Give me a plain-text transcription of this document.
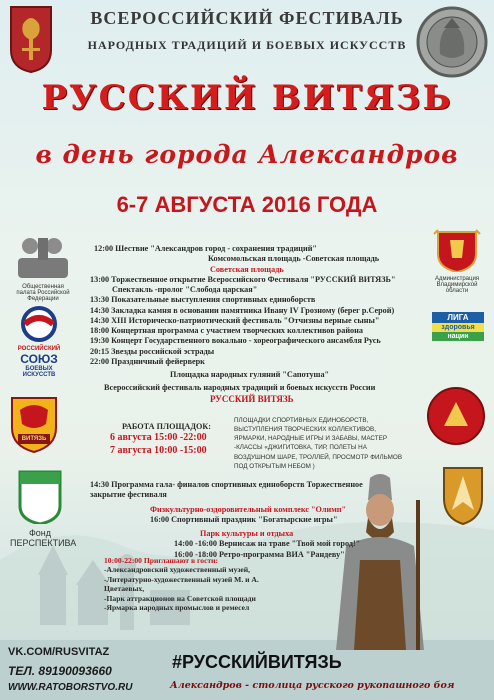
ВСЕРОССИЙСКИЙ ФЕСТИВАЛЬ
НАРОДНЫХ ТРАДИЦИЙ И БОЕВЫХ ИСКУССТВ
РУССКИЙ ВИТЯЗЬ
в день города Александров
6-7 АВГУСТА 2016 ГОДА
Общественная палата Российской Федерации
РОССИЙСКИЙ
СОЮЗ
БОЕВЫХ ИСКУССТВ
ВИТЯЗЬ
Фонд
ПЕРСПЕКТИВА
Администрация Владимирской области
ЛИГА
здоровья
нации
12:00 Шествие "Александров город - сохранения традиций"
Комсомольская площадь -Советская площадь
Советская площадь
13:00 Торжественное открытие Всероссийского Фестиваля "РУССКИЙ ВИТЯЗЬ"
Спектакль -пролог "Слобода царская"
13:30 Показательные выступления спортивных единоборств
14:30 Закладка камня в основании памятника Ивану IV Грозному (берег р.Серой)
14:30 XIII Историческо-патриотический фестиваль "Отчизны верные сыны"
18:00 Концертная программа с участием творческих коллективов района
19:30 Концерт Государственного вокально - хореографического ансамбля Русь
20:15 Звезды российской эстрады
22:00 Праздничный фейерверк
Площадка народных гуляний "Сапотуша"
Всероссийский фестиваль народных традиций и боевых искусств России
РУССКИЙ ВИТЯЗЬ
РАБОТА ПЛОЩАДОК:
6 августа 15:00 -22:00
7 августа 10:00 -15:00
ПЛОЩАДКИ СПОРТИВНЫХ ЕДИНОБОРСТВ,
ВЫСТУПЛЕНИЯ ТВОРЧЕСКИХ КОЛЛЕКТИВОВ,
ЯРМАРКИ, НАРОДНЫЕ ИГРЫ И ЗАБАВЫ, МАСТЕР
-КЛАССЫ «ДЖИГИТОВКА, ТИР, ПОЛЕТЫ НА
ВОЗДУШНОМ ШАРЕ, ТРОЛЛЕЙ, ПРОСМОТР ФИЛЬМОВ
ПОД ОТКРЫТЫМ НЕБОМ )
14:30 Программа гала- финалов спортивных единоборств Торжественное
закрытие фестиваля
Физкультурно-оздоровительный комплекс "Олимп"
16:00 Спортивный праздник "Богатырские игры"
Парк культуры и отдыха
14:00 -16:00 Вернисаж на траве "Твой мой город!"
16:00 -18:00 Ретро-программа ВИА "Рандеву"
10:00-22:00 Приглашают в гости:
-Александровский художественный музей,
-Литературно-художественный музей М. и А.
Цветаевых,
-Парк аттракционов на Советской площади
-Ярмарка народных промыслов и ремесел
VK.COM/RUSVITAZ
ТЕЛ. 89190093660
WWW.RATOBORSTVO.RU
#РУССКИЙВИТЯЗЬ
Александров - столица русского рукопашного боя
